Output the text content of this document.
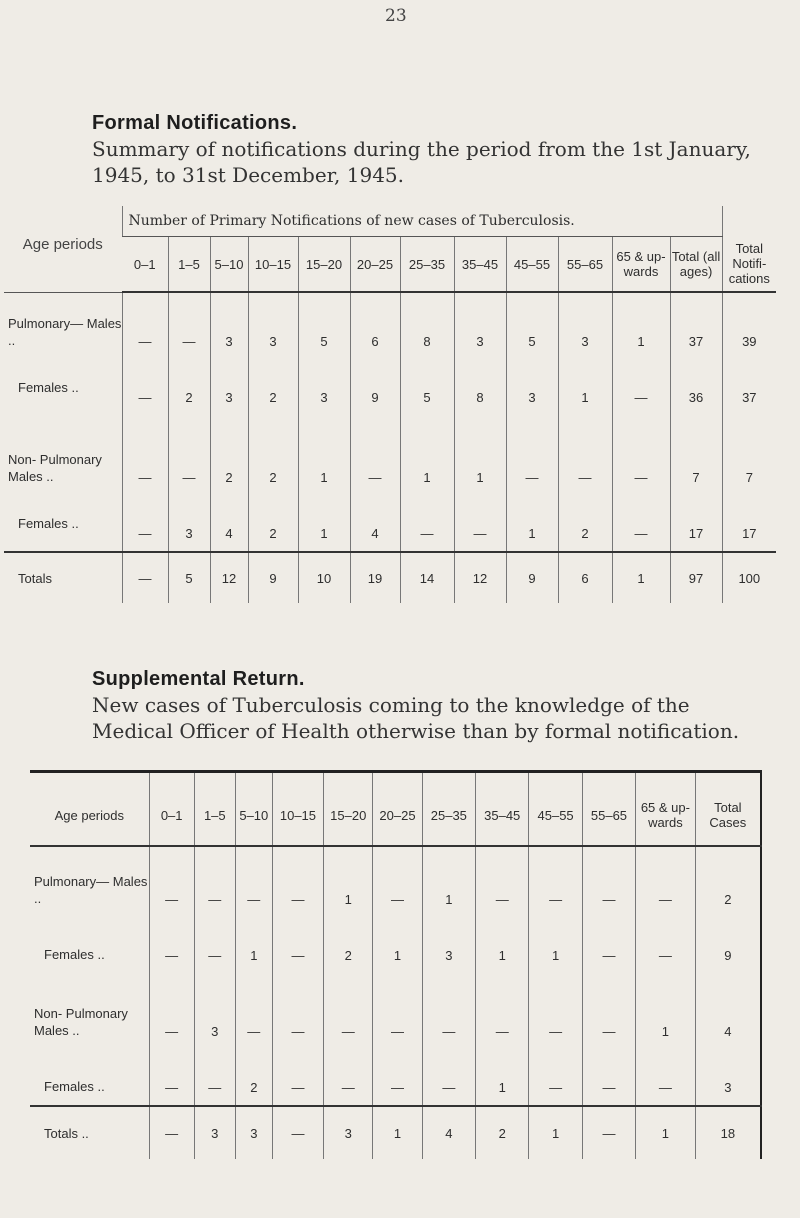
23
Formal Notifications.
Summary of notifications during the period from the 1st January, 1945, to 31st December, 1945.
Age periods	Number of Primary Notifications of new cases of Tuberculosis.												
	0–1	1–5	5–10	10–15	15–20	20–25	25–35	35–45	45–55	55–65	65 & up- wards	Total (all ages)	Total Notifi- cations
Pulmonary— Males ..	—	—	3	3	5	6	8	3	5	3	1	37	39
Females ..	—	2	3	2	3	9	5	8	3	1	—	36	37
Non- Pulmonary Males ..	—	—	2	2	1	—	1	1	—	—	—	7	7
Females ..	—	3	4	2	1	4	—	—	1	2	—	17	17
Totals	—	5	12	9	10	19	14	12	9	6	1	97	100
Supplemental Return.
New cases of Tuberculosis coming to the knowledge of the Medical Officer of Health otherwise than by formal notification.
Age periods	0–1	1–5	5–10	10–15	15–20	20–25	25–35	35–45	45–55	55–65	65 & up- wards	Total Cases
Pulmonary— Males ..	—	—	—	—	1	—	1	—	—	—	—	2
Females ..	—	—	1	—	2	1	3	1	1	—	—	9
Non- Pulmonary Males ..	—	3	—	—	—	—	—	—	—	—	1	4
Females ..	—	—	2	—	—	—	—	1	—	—	—	3
Totals ..	—	3	3	—	3	1	4	2	1	—	1	18
